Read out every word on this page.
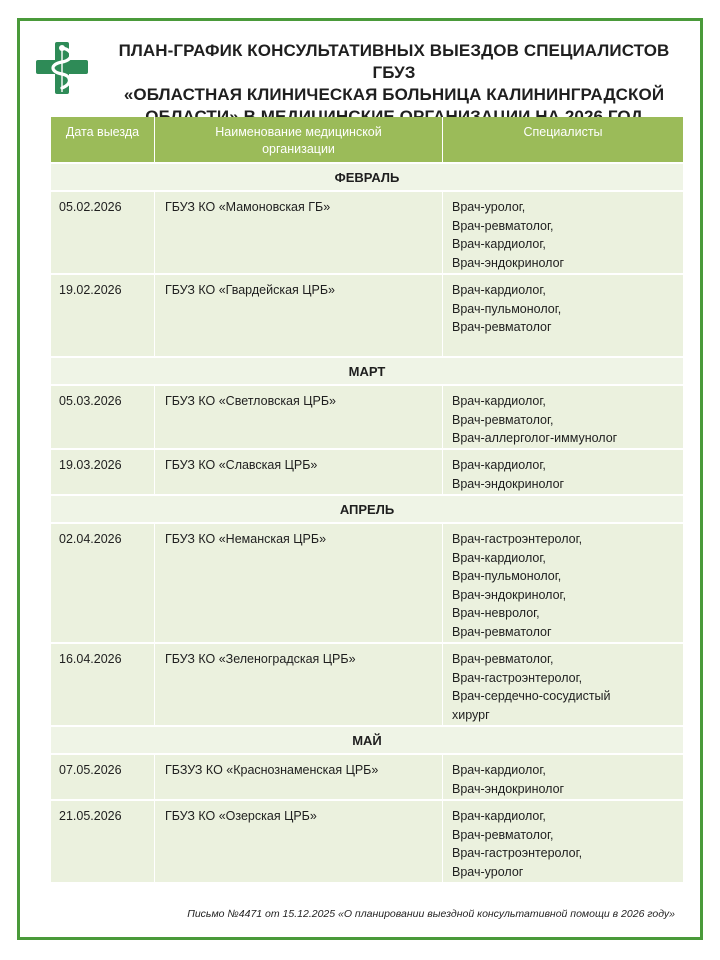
ПЛАН-ГРАФИК КОНСУЛЬТАТИВНЫХ ВЫЕЗДОВ СПЕЦИАЛИСТОВ ГБУЗ
«ОБЛАСТНАЯ КЛИНИЧЕСКАЯ БОЛЬНИЦА КАЛИНИНГРАДСКОЙ
Дата выезда	Наименование медицинской
организации
Специалисты
ФЕВРАЛЬ
05.02.2026	ГБУЗ КО «Мамоновская ГБ»	Врач-уролог,
Врач-ревматолог,
Врач-кардиолог,
Врач-эндокринолог
19.02.2026	ГБУЗ КО «Гвардейская ЦРБ»	Врач-кардиолог,
Врач-пульмонолог,
Врач-ревматолог
МАРТ
05.03.2026	ГБУЗ КО «Светловская ЦРБ»	Врач-кардиолог,
Врач-ревматолог,
Врач-аллерголог-иммунолог
19.03.2026	ГБУЗ КО «Славская ЦРБ»	Врач-кардиолог,
Врач-эндокринолог
АПРЕЛЬ
02.04.2026	ГБУЗ КО «Неманская ЦРБ»	Врач-гастроэнтеролог,
Врач-кардиолог,
Врач-пульмонолог,
Врач-эндокринолог,
Врач-невролог,
Врач-ревматолог
16.04.2026	ГБУЗ КО «Зеленоградская ЦРБ»	Врач-ревматолог,
Врач-гастроэнтеролог,
Врач-сердечно-сосудистый
хирург
МАЙ
07.05.2026	ГБЗУЗ КО «Краснознаменская ЦРБ»	Врач-кардиолог,
Врач-эндокринолог
21.05.2026	ГБУЗ КО «Озерская ЦРБ»	Врач-кардиолог,
Врач-ревматолог,
Врач-гастроэнтеролог,
Врач-уролог
Письмо №4471 от 15.12.2025 «О планировании выездной консультативной помощи в 2026 году»
